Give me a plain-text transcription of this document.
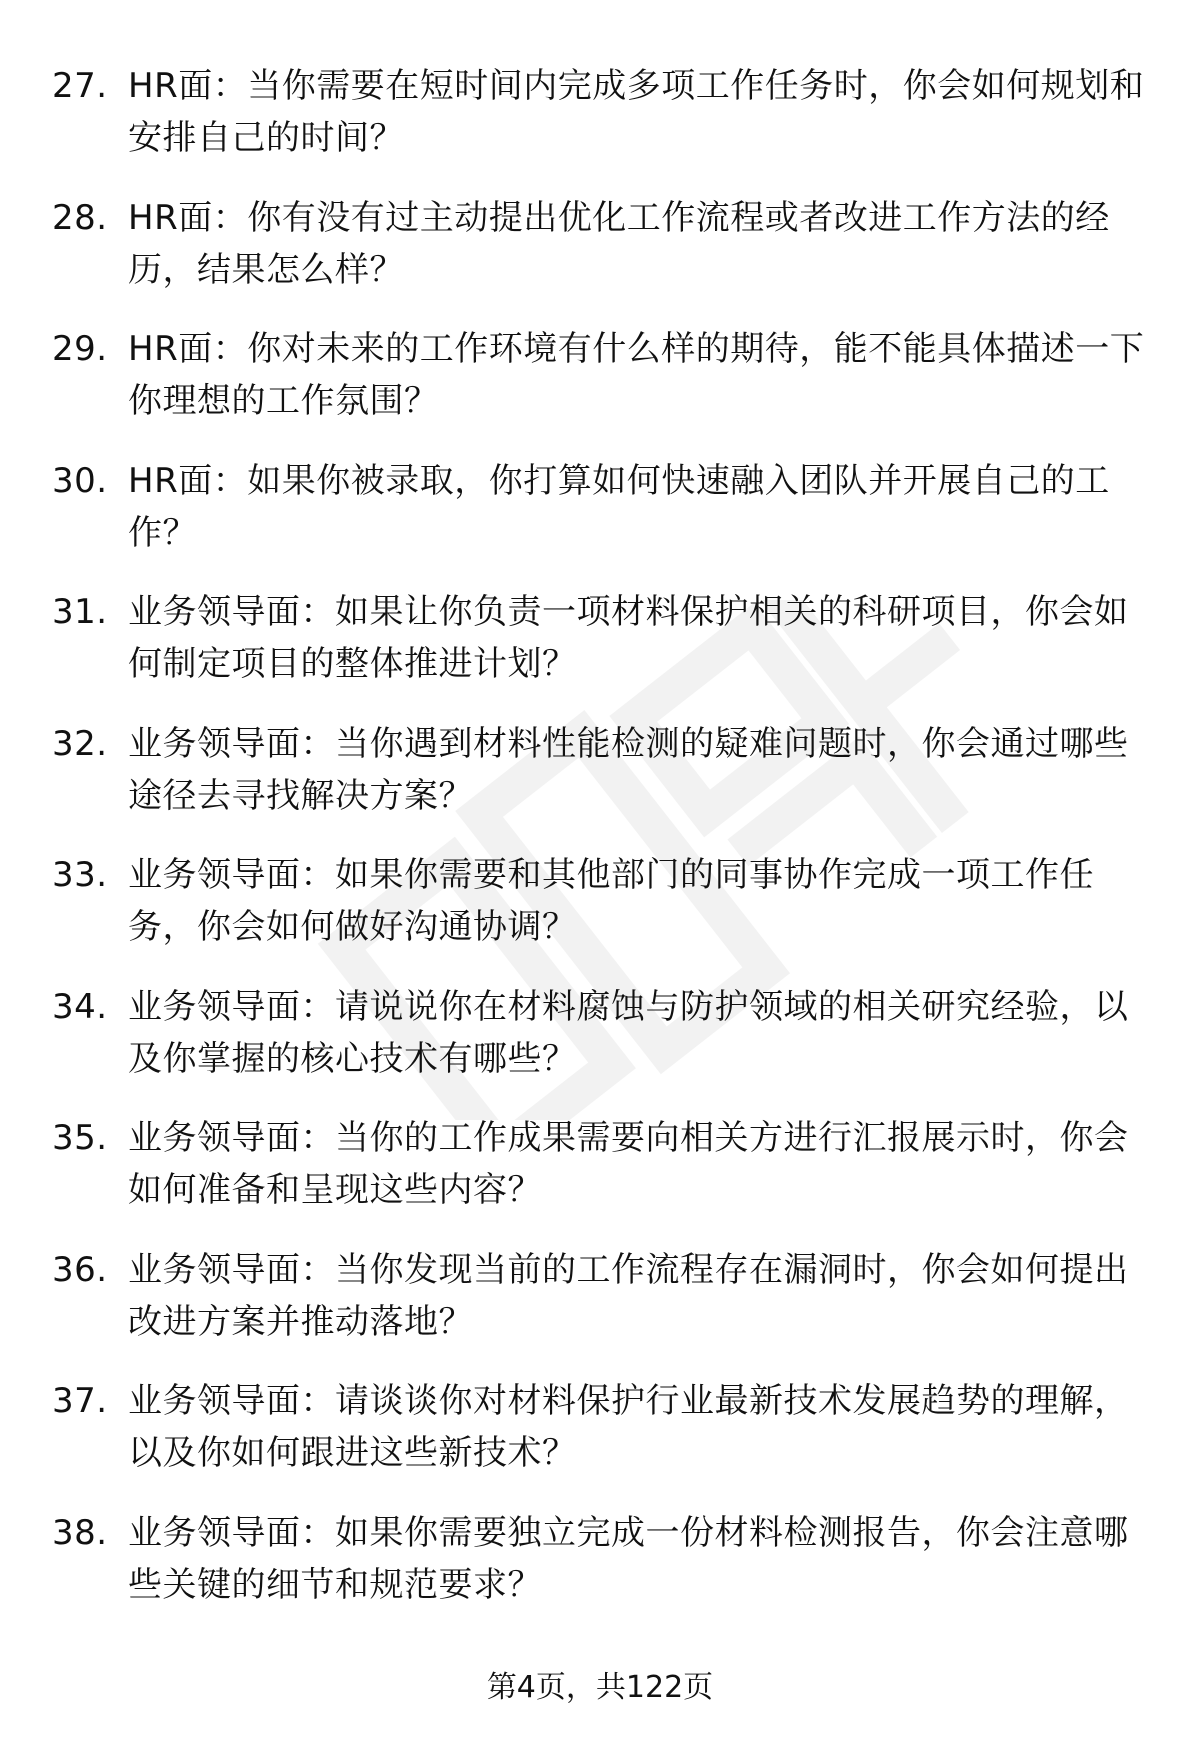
27. HR面：当你需要在短时间内完成多项工作任务时，你会如何规划和安排自己的时间？
28. HR面：你有没有过主动提出优化工作流程或者改进工作方法的经历，结果怎么样？
29. HR面：你对未来的工作环境有什么样的期待，能不能具体描述一下你理想的工作氛围？
30. HR面：如果你被录取，你打算如何快速融入团队并开展自己的工作？
31. 业务领导面：如果让你负责一项材料保护相关的科研项目，你会如何制定项目的整体推进计划？
32. 业务领导面：当你遇到材料性能检测的疑难问题时，你会通过哪些途径去寻找解决方案？
33. 业务领导面：如果你需要和其他部门的同事协作完成一项工作任务，你会如何做好沟通协调？
34. 业务领导面：请说说你在材料腐蚀与防护领域的相关研究经验，以及你掌握的核心技术有哪些？
35. 业务领导面：当你的工作成果需要向相关方进行汇报展示时，你会如何准备和呈现这些内容？
36. 业务领导面：当你发现当前的工作流程存在漏洞时，你会如何提出改进方案并推动落地？
37. 业务领导面：请谈谈你对材料保护行业最新技术发展趋势的理解，以及你如何跟进这些新技术？
38. 业务领导面：如果你需要独立完成一份材料检测报告，你会注意哪些关键的细节和规范要求？
第4页，共122页
